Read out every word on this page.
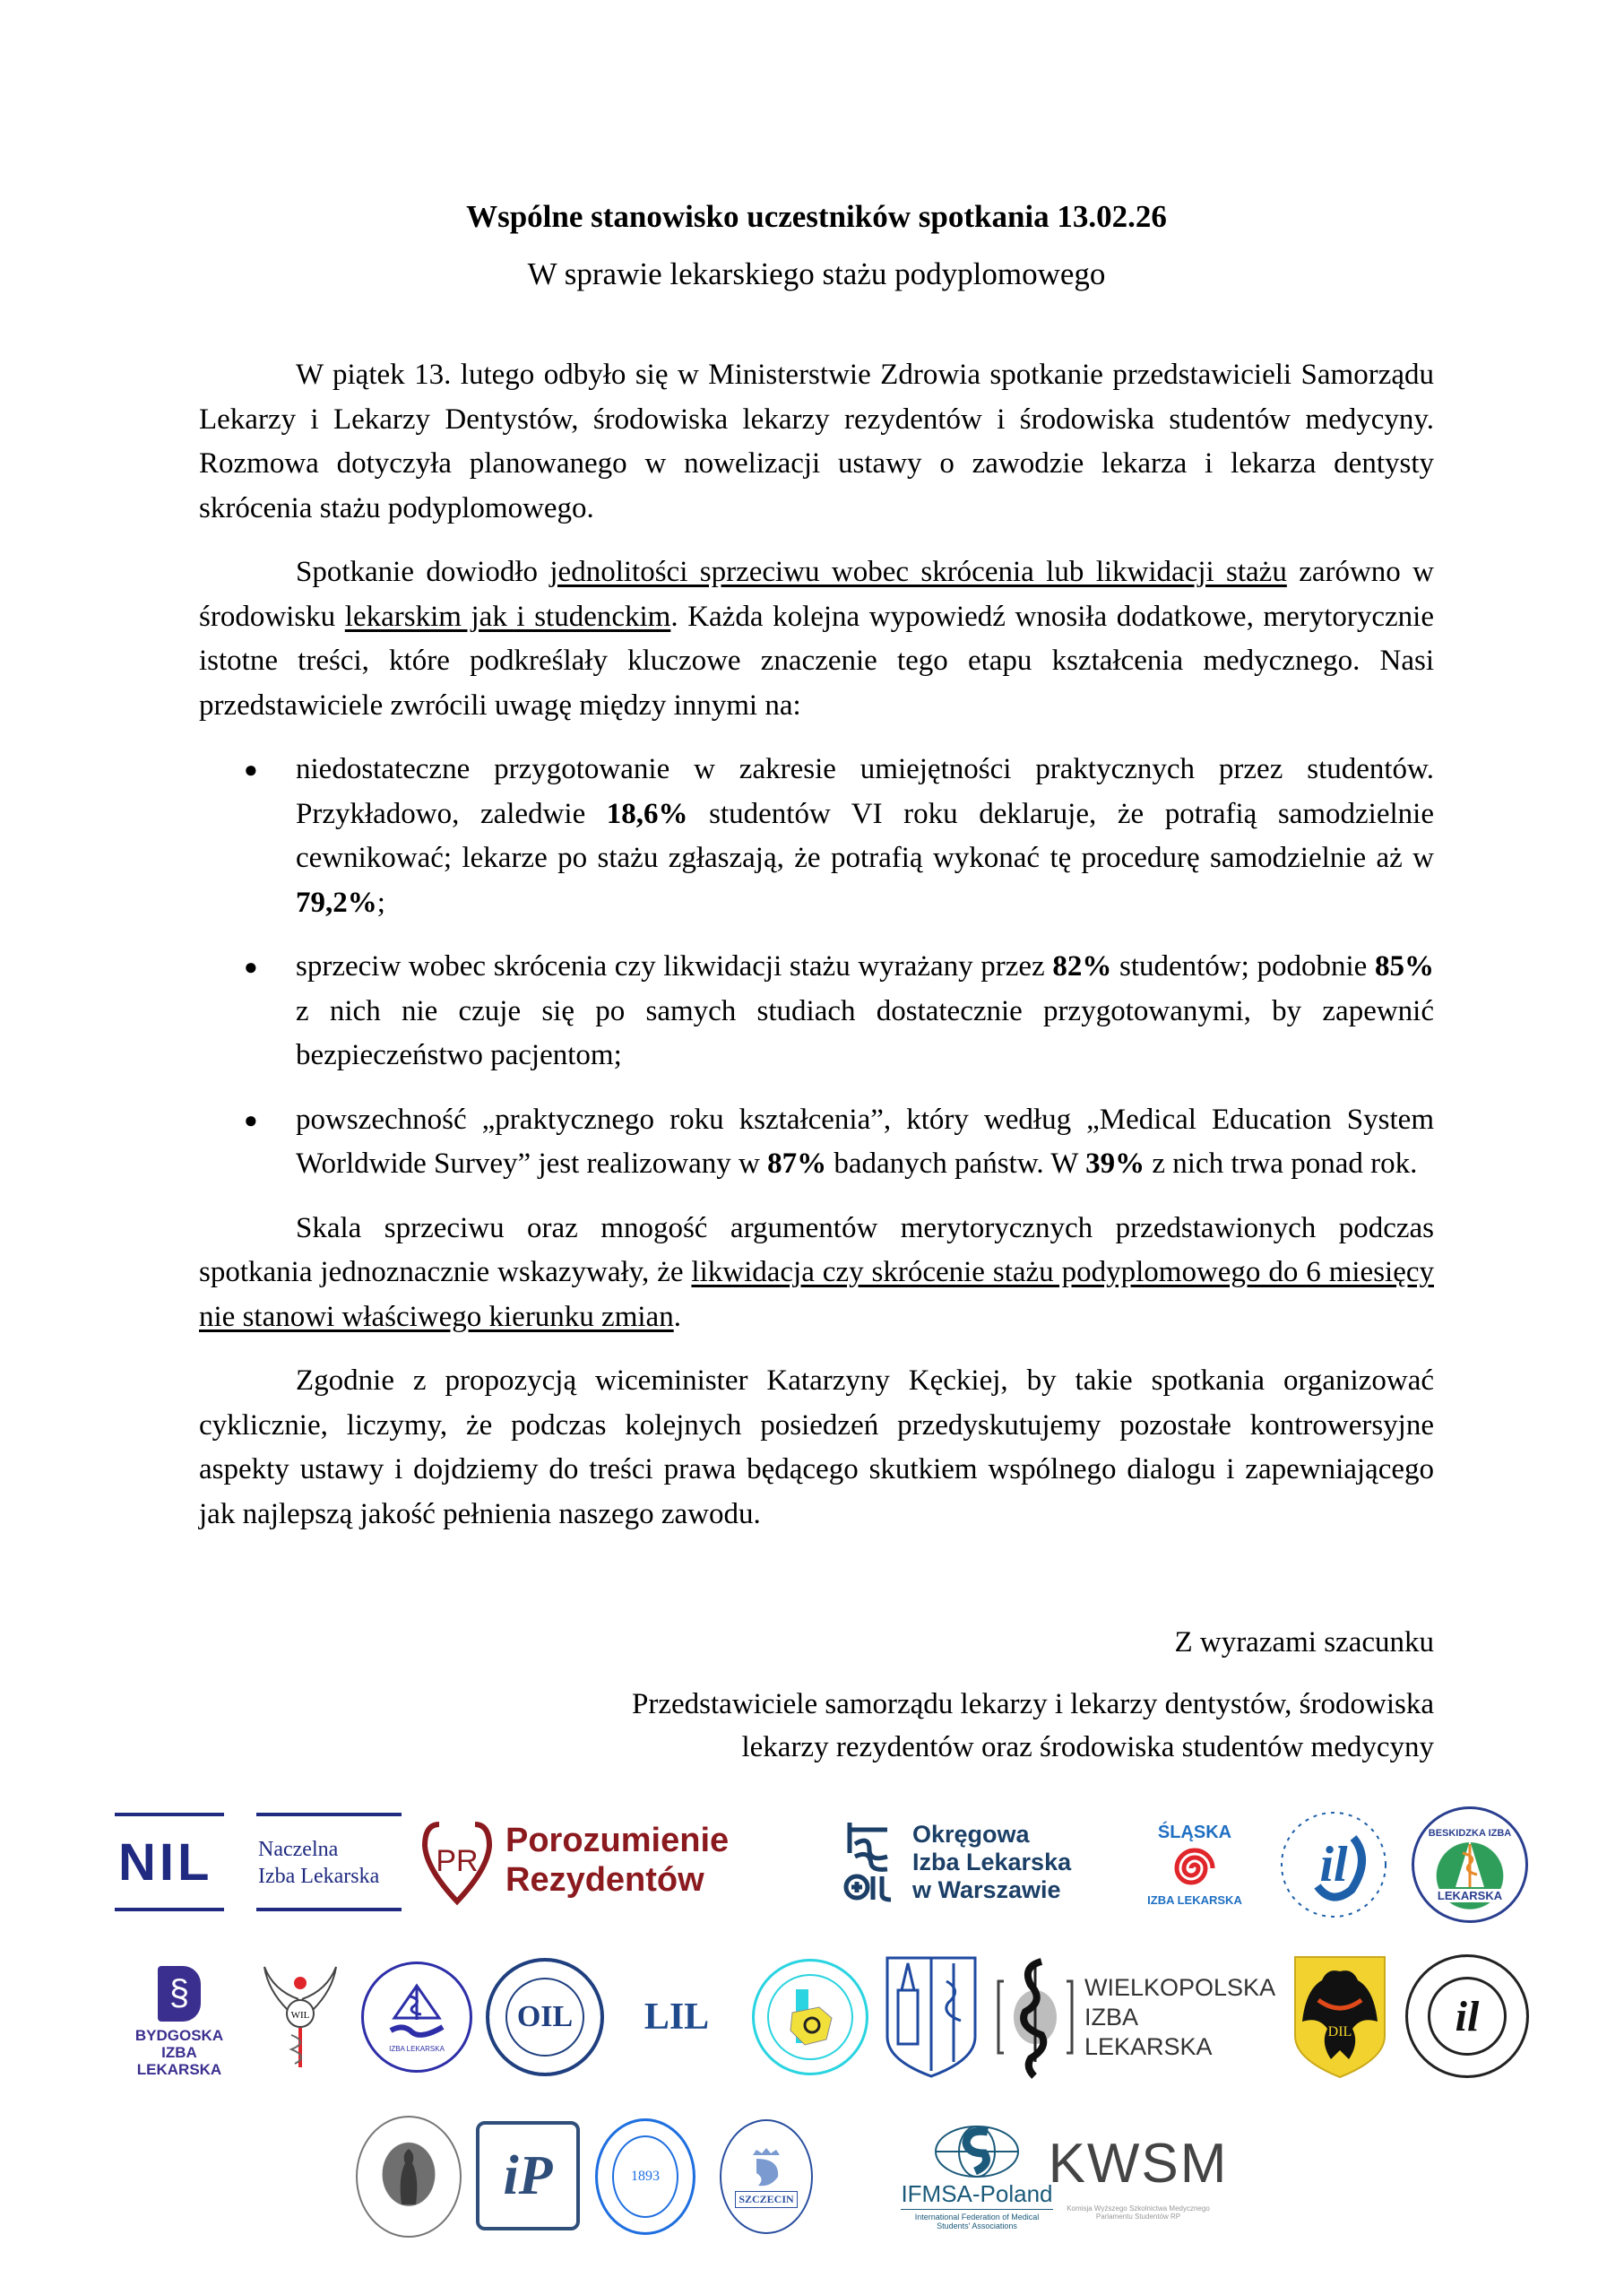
Wspólne stanowisko uczestników spotkania 13.02.26
W sprawie lekarskiego stażu podyplomowego

W piątek 13. lutego odbyło się w Ministerstwie Zdrowia spotkanie przedstawicieli Samorządu Lekarzy i Lekarzy Dentystów, środowiska lekarzy rezydentów i środowiska studentów medycyny. Rozmowa dotyczyła planowanego w nowelizacji ustawy o zawodzie lekarza i lekarza dentysty skrócenia stażu podyplomowego.

Spotkanie dowiodło jednolitości sprzeciwu wobec skrócenia lub likwidacji stażu zarówno w środowisku lekarskim jak i studenckim. Każda kolejna wypowiedź wnosiła dodatkowe, merytorycznie istotne treści, które podkreślały kluczowe znaczenie tego etapu kształcenia medycznego. Nasi przedstawiciele zwrócili uwagę między innymi na:

● niedostateczne przygotowanie w zakresie umiejętności praktycznych przez studentów. Przykładowo, zaledwie 18,6% studentów VI roku deklaruje, że potrafią samodzielnie cewnikować; lekarze po stażu zgłaszają, że potrafią wykonać tę procedurę samodzielnie aż w 79,2%;
● sprzeciw wobec skrócenia czy likwidacji stażu wyrażany przez 82% studentów; podobnie 85% z nich nie czuje się po samych studiach dostatecznie przygotowanymi, by zapewnić bezpieczeństwo pacjentom;
● powszechność „praktycznego roku kształcenia”, który według „Medical Education System Worldwide Survey” jest realizowany w 87% badanych państw. W 39% z nich trwa ponad rok.

Skala sprzeciwu oraz mnogość argumentów merytorycznych przedstawionych podczas spotkania jednoznacznie wskazywały, że likwidacja czy skrócenie stażu podyplomowego do 6 miesięcy nie stanowi właściwego kierunku zmian.

Zgodnie z propozycją wiceminister Katarzyny Kęckiej, by takie spotkania organizować cyklicznie, liczymy, że podczas kolejnych posiedzeń przedyskutujemy pozostałe kontrowersyjne aspekty ustawy i dojdziemy do treści prawa będącego skutkiem wspólnego dialogu i zapewniającego jak najlepszą jakość pełnienia naszego zawodu.

Z wyrazami szacunku
Przedstawiciele samorządu lekarzy i lekarzy dentystów, środowiska
lekarzy rezydentów oraz środowiska studentów medycyny
NIL Naczelna
Izba Lekarska PR
Porozumienie
Rezydentów
Okręgowa
Izba Lekarska
w Warszawie
ŚLĄSKA
IZBA LEKARSKA
il
BESKIDZKA IZBA
LEKARSKA
§
BYDGOSKA
IZBA
LEKARSKA
WIL
IZBA LEKARSKA
OIL LIL
WIELKOPOLSKA
IZBA
LEKARSKA
DIL il
iP	1893
SZCZECIN	IFMSA-Poland
International Federation of Medical
Students' Associations
KWSM
Komisja Wyższego Szkolnictwa Medycznego
Parlamentu Studentów RP
